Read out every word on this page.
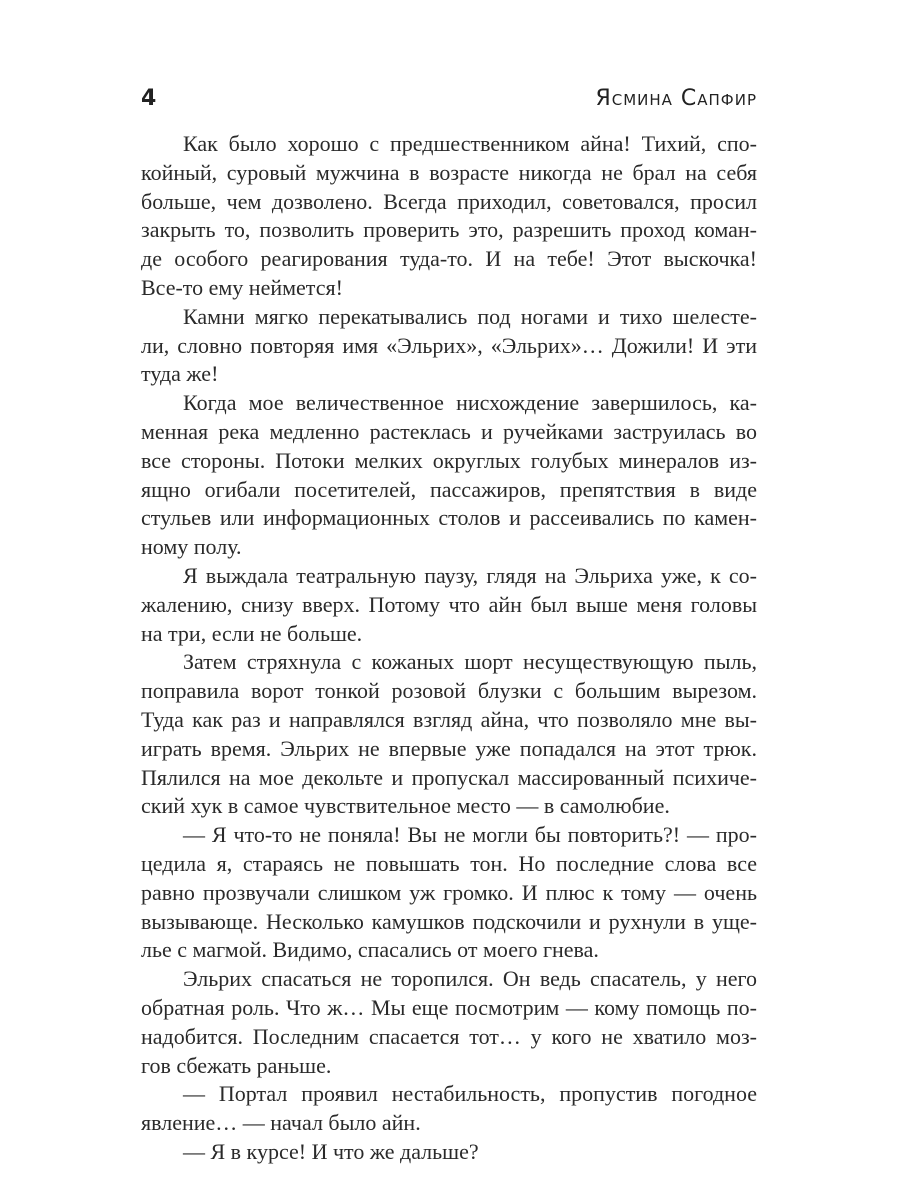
4	Ясмина Сапфир
Как было хорошо с предшественником айна! Тихий, спо-
койный, суровый мужчина в возрасте никогда не брал на себя
больше, чем дозволено. Всегда приходил, советовался, просил
закрыть то, позволить проверить это, разрешить проход коман-
де особого реагирования туда-то. И на тебе! Этот выскочка!
Все-то ему неймется!
Камни мягко перекатывались под ногами и тихо шелесте-
ли, словно повторяя имя «Эльрих», «Эльрих»… Дожили! И эти
туда же!
Когда мое величественное нисхождение завершилось, ка-
менная река медленно растеклась и ручейками заструилась во
все стороны. Потоки мелких округлых голубых минералов из-
ящно огибали посетителей, пассажиров, препятствия в виде
стульев или информационных столов и рассеивались по камен-
ному полу.
Я выждала театральную паузу, глядя на Эльриха уже, к со-
жалению, снизу вверх. Потому что айн был выше меня головы
на три, если не больше.
Затем стряхнула с кожаных шорт несуществующую пыль,
поправила ворот тонкой розовой блузки с большим вырезом.
Туда как раз и направлялся взгляд айна, что позволяло мне вы-
играть время. Эльрих не впервые уже попадался на этот трюк.
Пялился на мое декольте и пропускал массированный психиче-
ский хук в самое чувствительное место — в самолюбие.
— Я что-то не поняла! Вы не могли бы повторить?! — про-
цедила я, стараясь не повышать тон. Но последние слова все
равно прозвучали слишком уж громко. И плюс к тому — очень
вызывающе. Несколько камушков подскочили и рухнули в уще-
лье с магмой. Видимо, спасались от моего гнева.
Эльрих спасаться не торопился. Он ведь спасатель, у него
обратная роль. Что ж… Мы еще посмотрим — кому помощь по-
надобится. Последним спасается тот… у кого не хватило моз-
гов сбежать раньше.
— Портал проявил нестабильность, пропустив погодное
явление… — начал было айн.
— Я в курсе! И что же дальше?
